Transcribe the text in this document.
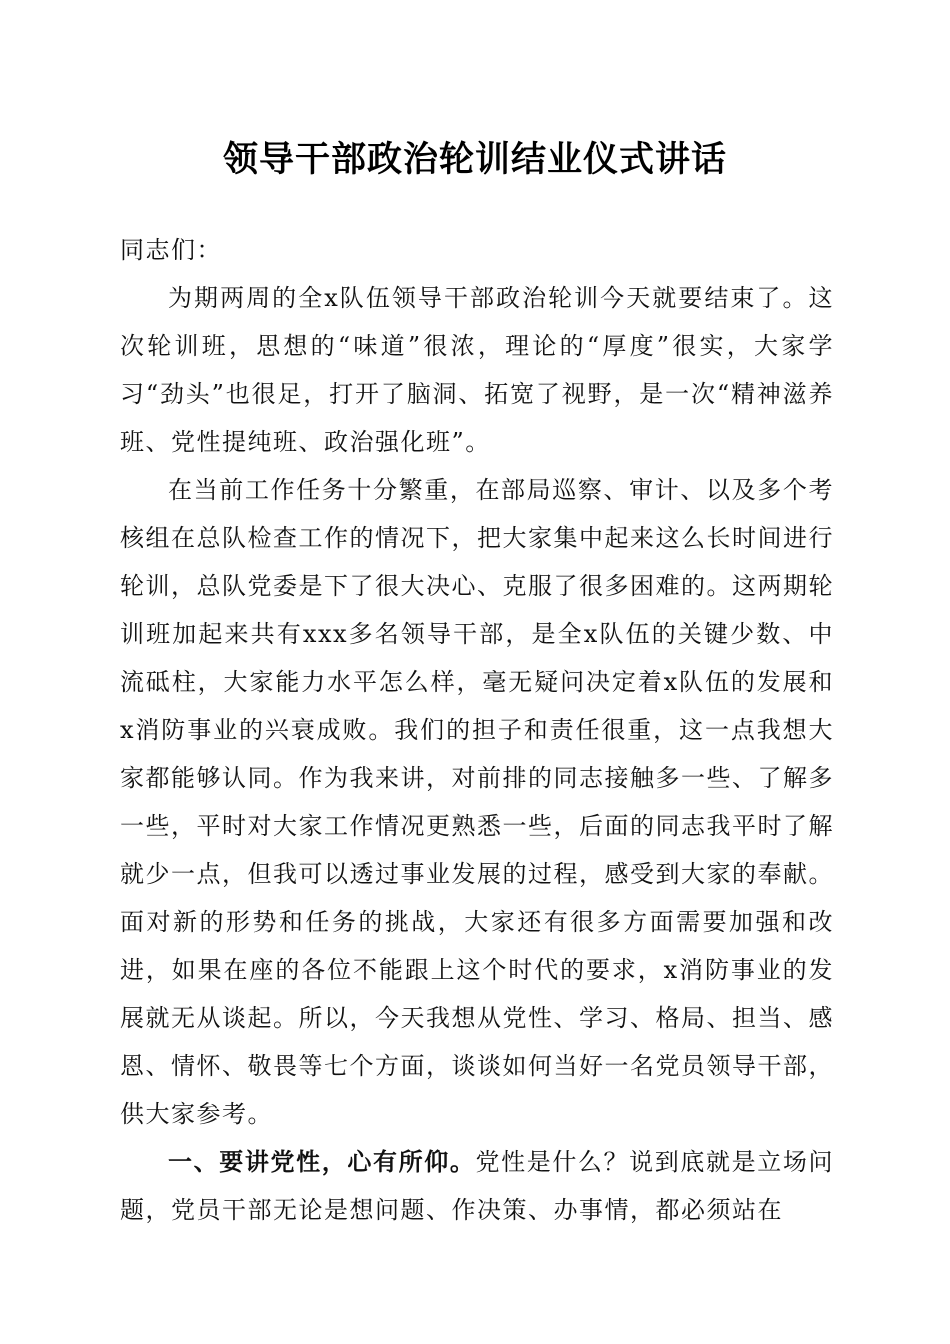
领导干部政治轮训结业仪式讲话

同志们：

为期两周的全x队伍领导干部政治轮训今天就要结束了。这次轮训班，思想的“味道”很浓，理论的“厚度”很实，大家学习“劲头”也很足，打开了脑洞、拓宽了视野，是一次“精神滋养班、党性提纯班、政治强化班”。

在当前工作任务十分繁重，在部局巡察、审计、以及多个考核组在总队检查工作的情况下，把大家集中起来这么长时间进行轮训，总队党委是下了很大决心、克服了很多困难的。这两期轮训班加起来共有xxx多名领导干部，是全x队伍的关键少数、中流砥柱，大家能力水平怎么样，毫无疑问决定着x队伍的发展和x消防事业的兴衰成败。我们的担子和责任很重，这一点我想大家都能够认同。作为我来讲，对前排的同志接触多一些、了解多一些，平时对大家工作情况更熟悉一些，后面的同志我平时了解就少一点，但我可以透过事业发展的过程，感受到大家的奉献。面对新的形势和任务的挑战，大家还有很多方面需要加强和改进，如果在座的各位不能跟上这个时代的要求，x消防事业的发展就无从谈起。所以，今天我想从党性、学习、格局、担当、感恩、情怀、敬畏等七个方面，谈谈如何当好一名党员领导干部，供大家参考。

一、要讲党性，心有所仰。党性是什么？说到底就是立场问题，党员干部无论是想问题、作决策、办事情，都必须站在
